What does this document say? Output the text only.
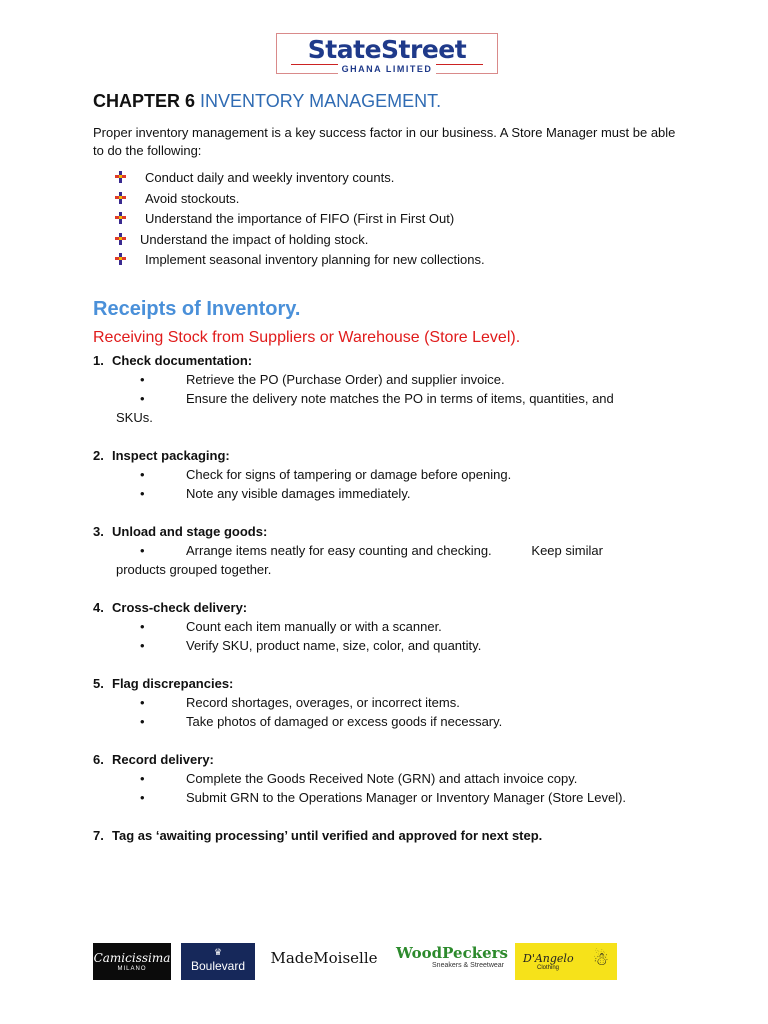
StateStreet
GHANA LIMITED
CHAPTER 6 INVENTORY MANAGEMENT.

Proper inventory management is a key success factor in our business. A Store Manager must be able to do the following:

Conduct daily and weekly inventory counts.
Avoid stockouts.
Understand the importance of FIFO (First in First Out)
Understand the impact of holding stock.
Implement seasonal inventory planning for new collections.
Receipts of Inventory.
Receiving Stock from Suppliers or Warehouse (Store Level).
1. Check documentation:
•	Retrieve the PO (Purchase Order) and supplier invoice.
•	Ensure the delivery note matches the PO in terms of items, quantities, and
SKUs.
2. Inspect packaging:
•	Check for signs of tampering or damage before opening.
•	Note any visible damages immediately.
3. Unload and stage goods:
•	Arrange items neatly for easy counting and checking.           Keep similar
products grouped together.
4. Cross-check delivery:
•	Count each item manually or with a scanner.
•	Verify SKU, product name, size, color, and quantity.
5. Flag discrepancies:
•	Record shortages, overages, or incorrect items.
•	Take photos of damaged or excess goods if necessary.
6. Record delivery:
•	Complete the Goods Received Note (GRN) and attach invoice copy.
•	Submit GRN to the Operations Manager or Inventory Manager (Store Level).
7. Tag as ‘awaiting processing’ until verified and approved for next step.
Camicissima
MILANO
♛
Boulevard	MadeMoiselle	WoodPeckers
Sneakers & Streetwear
D'Angelo
Clothing	☃
